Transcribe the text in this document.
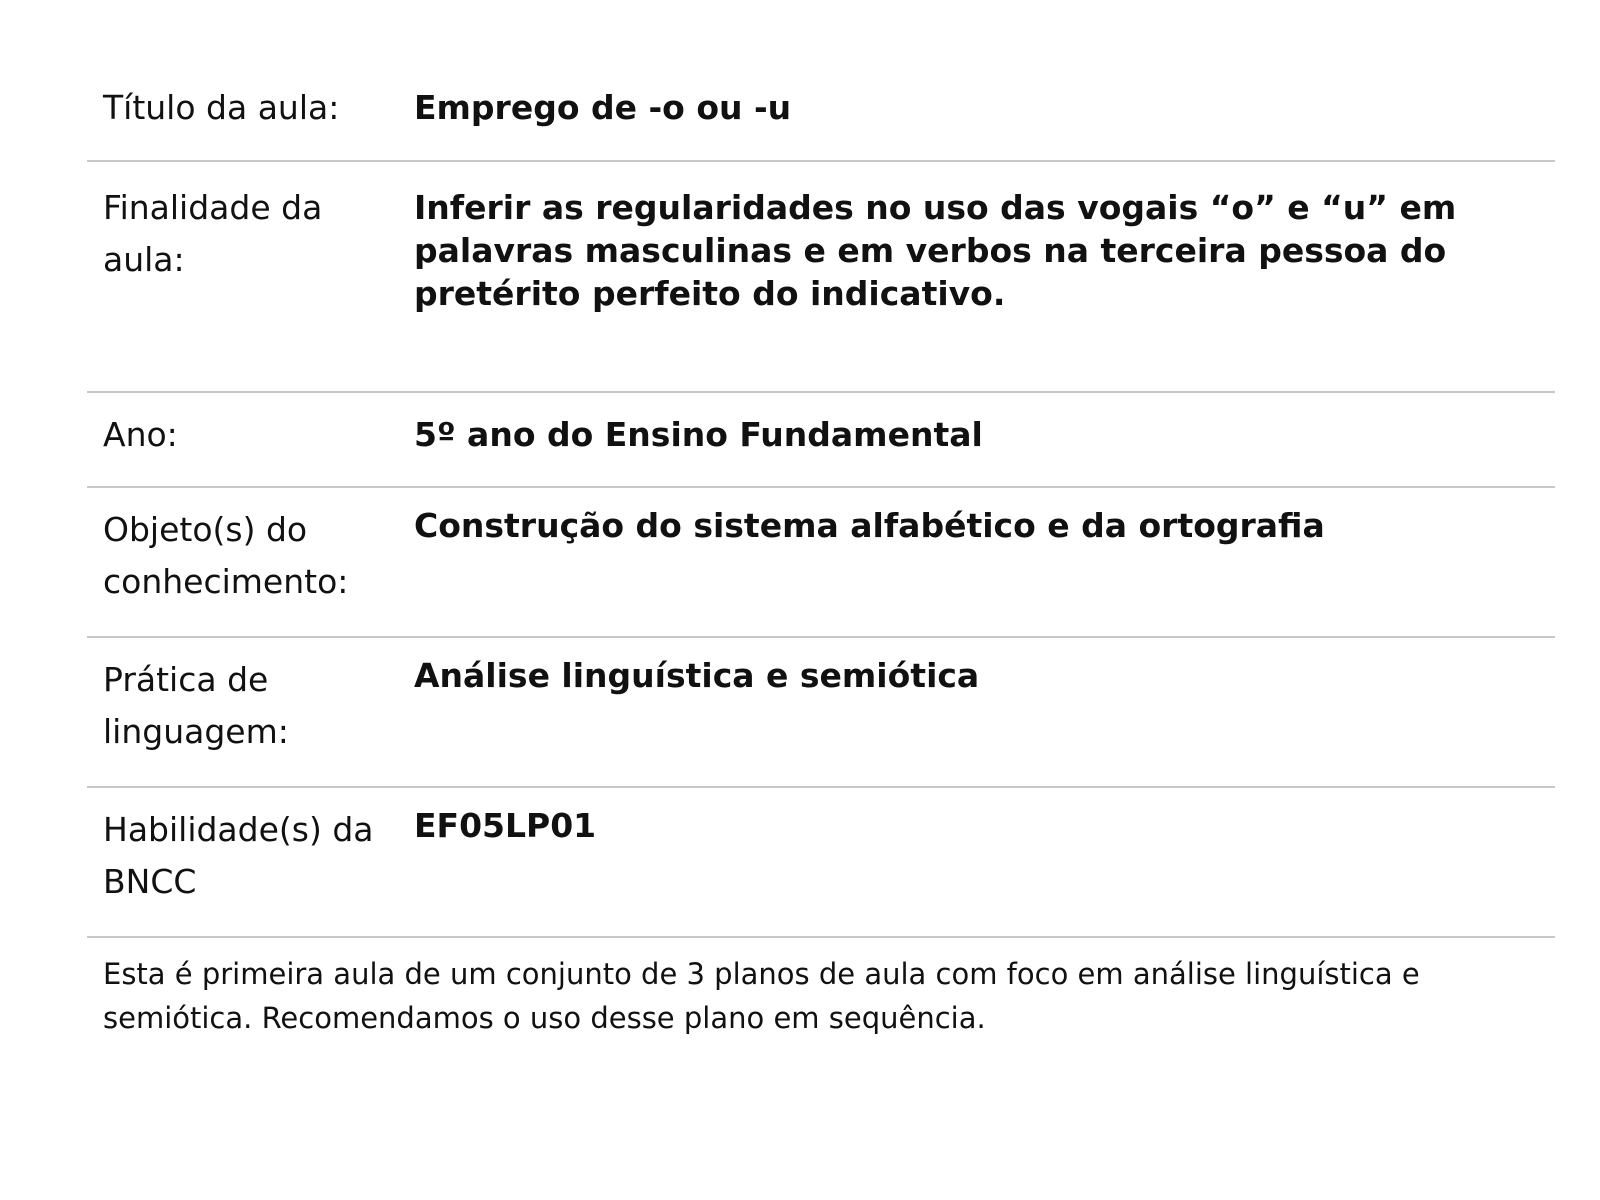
Título da aula:	Emprego de -o ou -u
Finalidade da aula:
Inferir as regularidades no uso das vogais “o” e “u” em palavras masculinas e em verbos na terceira pessoa do pretérito perfeito do indicativo.
Ano:	5º ano do Ensino Fundamental
Objeto(s) do conhecimento:
Construção do sistema alfabético e da ortografia
Prática de linguagem:
Análise linguística e semiótica
Habilidade(s) da BNCC
EF05LP01
Esta é primeira aula de um conjunto de 3 planos de aula com foco em análise linguística e semiótica. Recomendamos o uso desse plano em sequência.
